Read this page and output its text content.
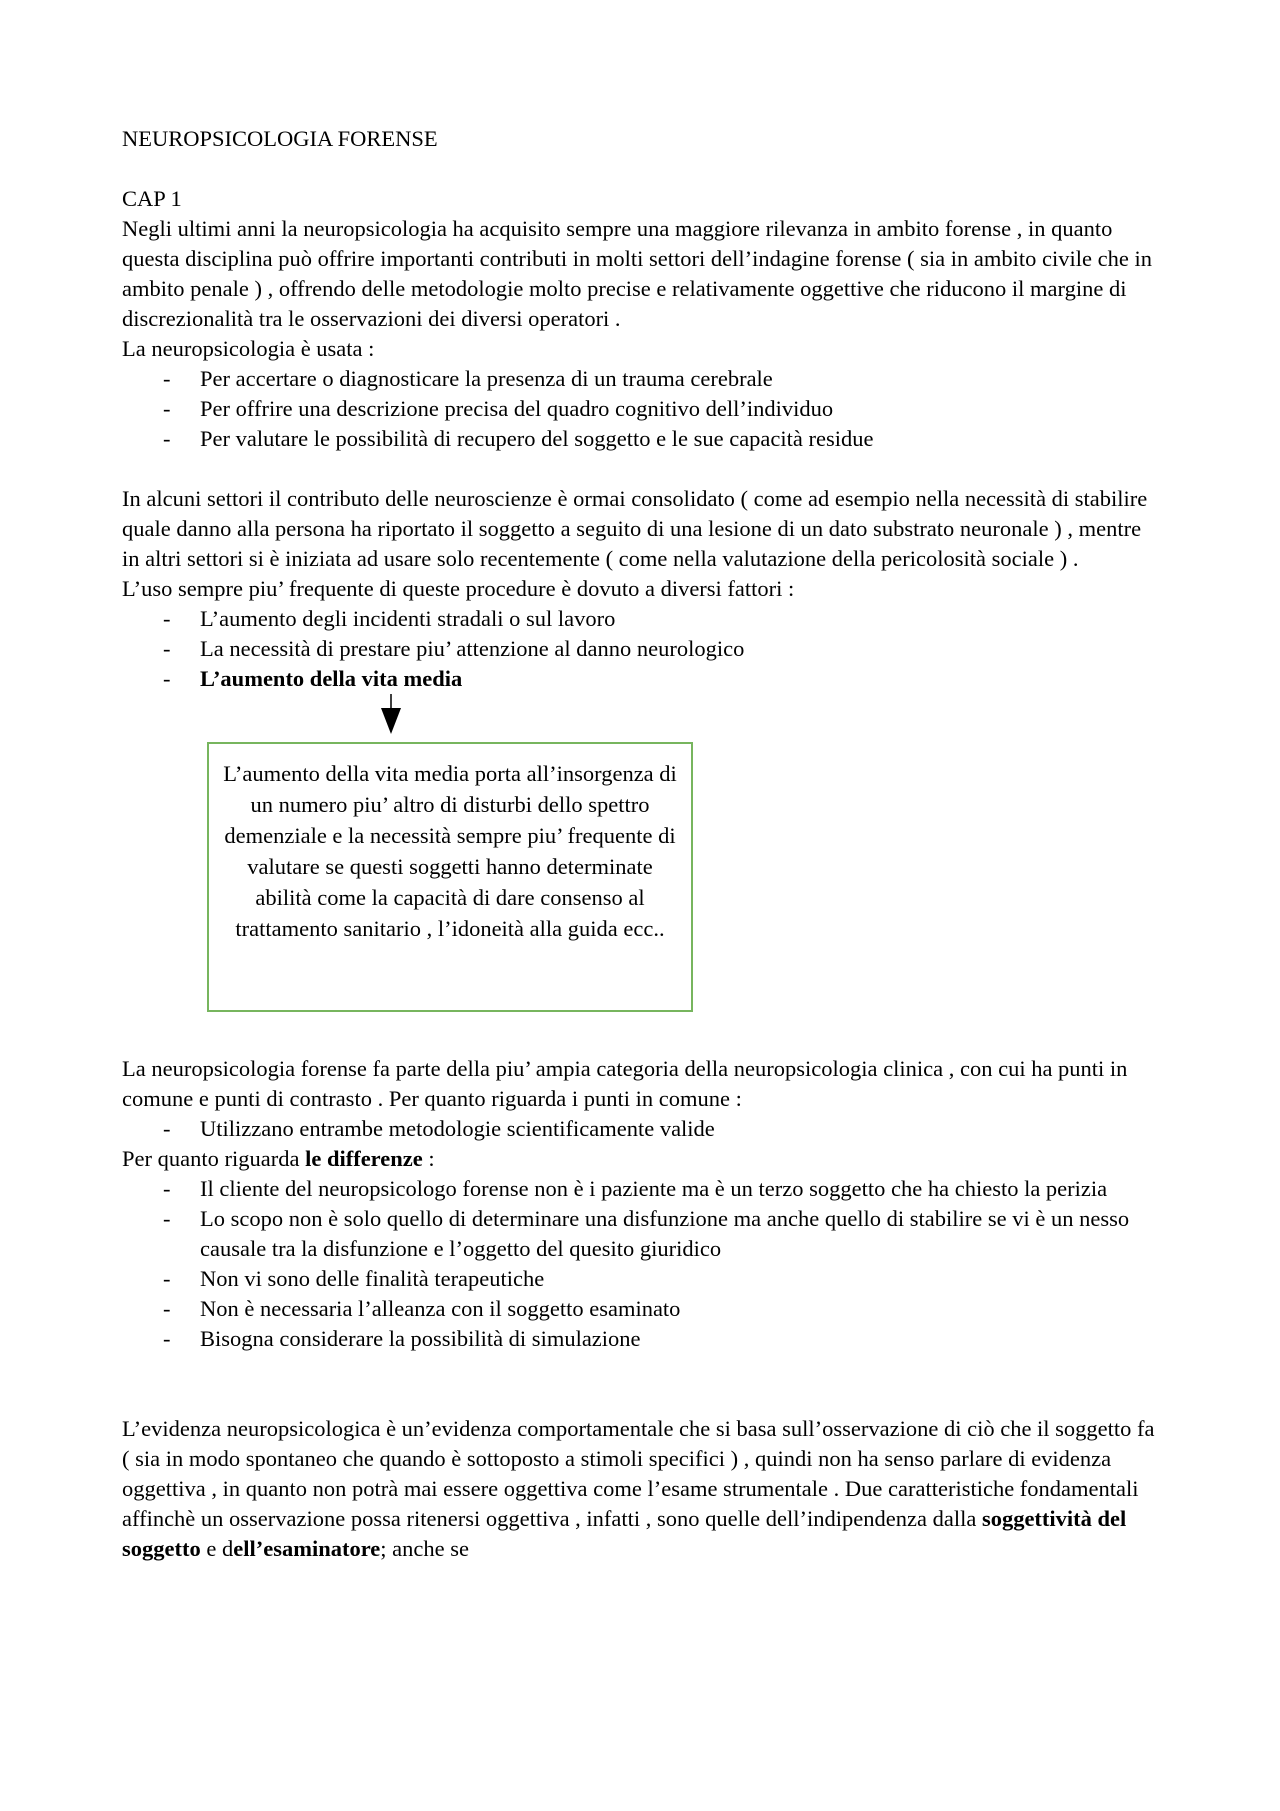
NEUROPSICOLOGIA FORENSE

CAP 1

Negli ultimi anni la neuropsicologia ha acquisito sempre una maggiore rilevanza in ambito forense , in quanto questa disciplina può offrire importanti contributi in molti settori dell’indagine forense ( sia in ambito civile che in ambito penale ) , offrendo delle metodologie molto precise e relativamente oggettive che riducono il margine di discrezionalità tra le osservazioni dei diversi operatori .

La neuropsicologia è usata :

- Per accertare o diagnosticare la presenza di un trauma cerebrale
- Per offrire una descrizione precisa del quadro cognitivo dell’individuo
- Per valutare le possibilità di recupero del soggetto e le sue capacità residue

In alcuni settori il contributo delle neuroscienze è ormai consolidato ( come ad esempio nella necessità di stabilire quale danno alla persona ha riportato il soggetto a seguito di una lesione di un dato substrato neuronale ) , mentre in altri settori si è iniziata ad usare solo recentemente ( come nella valutazione della pericolosità sociale ) .

L’uso sempre piu’ frequente di queste procedure è dovuto a diversi fattori :

- L’aumento degli incidenti stradali o sul lavoro
- La necessità di prestare piu’ attenzione al danno neurologico
- L’aumento della vita media
L’aumento della vita media porta all’insorgenza di un numero piu’ altro di disturbi dello spettro demenziale e la necessità sempre piu’ frequente di valutare se questi soggetti hanno determinate abilità come la capacità di dare consenso al trattamento sanitario , l’idoneità alla guida ecc..

La neuropsicologia forense fa parte della piu’ ampia categoria della neuropsicologia clinica , con cui ha punti in comune e punti di contrasto . Per quanto riguarda i punti in comune :

- Utilizzano entrambe metodologie scientificamente valide

Per quanto riguarda le differenze :

- Il cliente del neuropsicologo forense non è i paziente ma è un terzo soggetto che ha chiesto la perizia
- Lo scopo non è solo quello di determinare una disfunzione ma anche quello di stabilire se vi è un nesso causale tra la disfunzione e l’oggetto del quesito giuridico
- Non vi sono delle finalità terapeutiche
- Non è necessaria l’alleanza con il soggetto esaminato
- Bisogna considerare la possibilità di simulazione

L’evidenza neuropsicologica è un’evidenza comportamentale che si basa sull’osservazione di ciò che il soggetto fa ( sia in modo spontaneo che quando è sottoposto a stimoli specifici ) , quindi non ha senso parlare di evidenza oggettiva , in quanto non potrà mai essere oggettiva come l’esame strumentale . Due caratteristiche fondamentali affinchè un osservazione possa ritenersi oggettiva , infatti , sono quelle dell’indipendenza dalla soggettività del soggetto e dell’esaminatore; anche se
